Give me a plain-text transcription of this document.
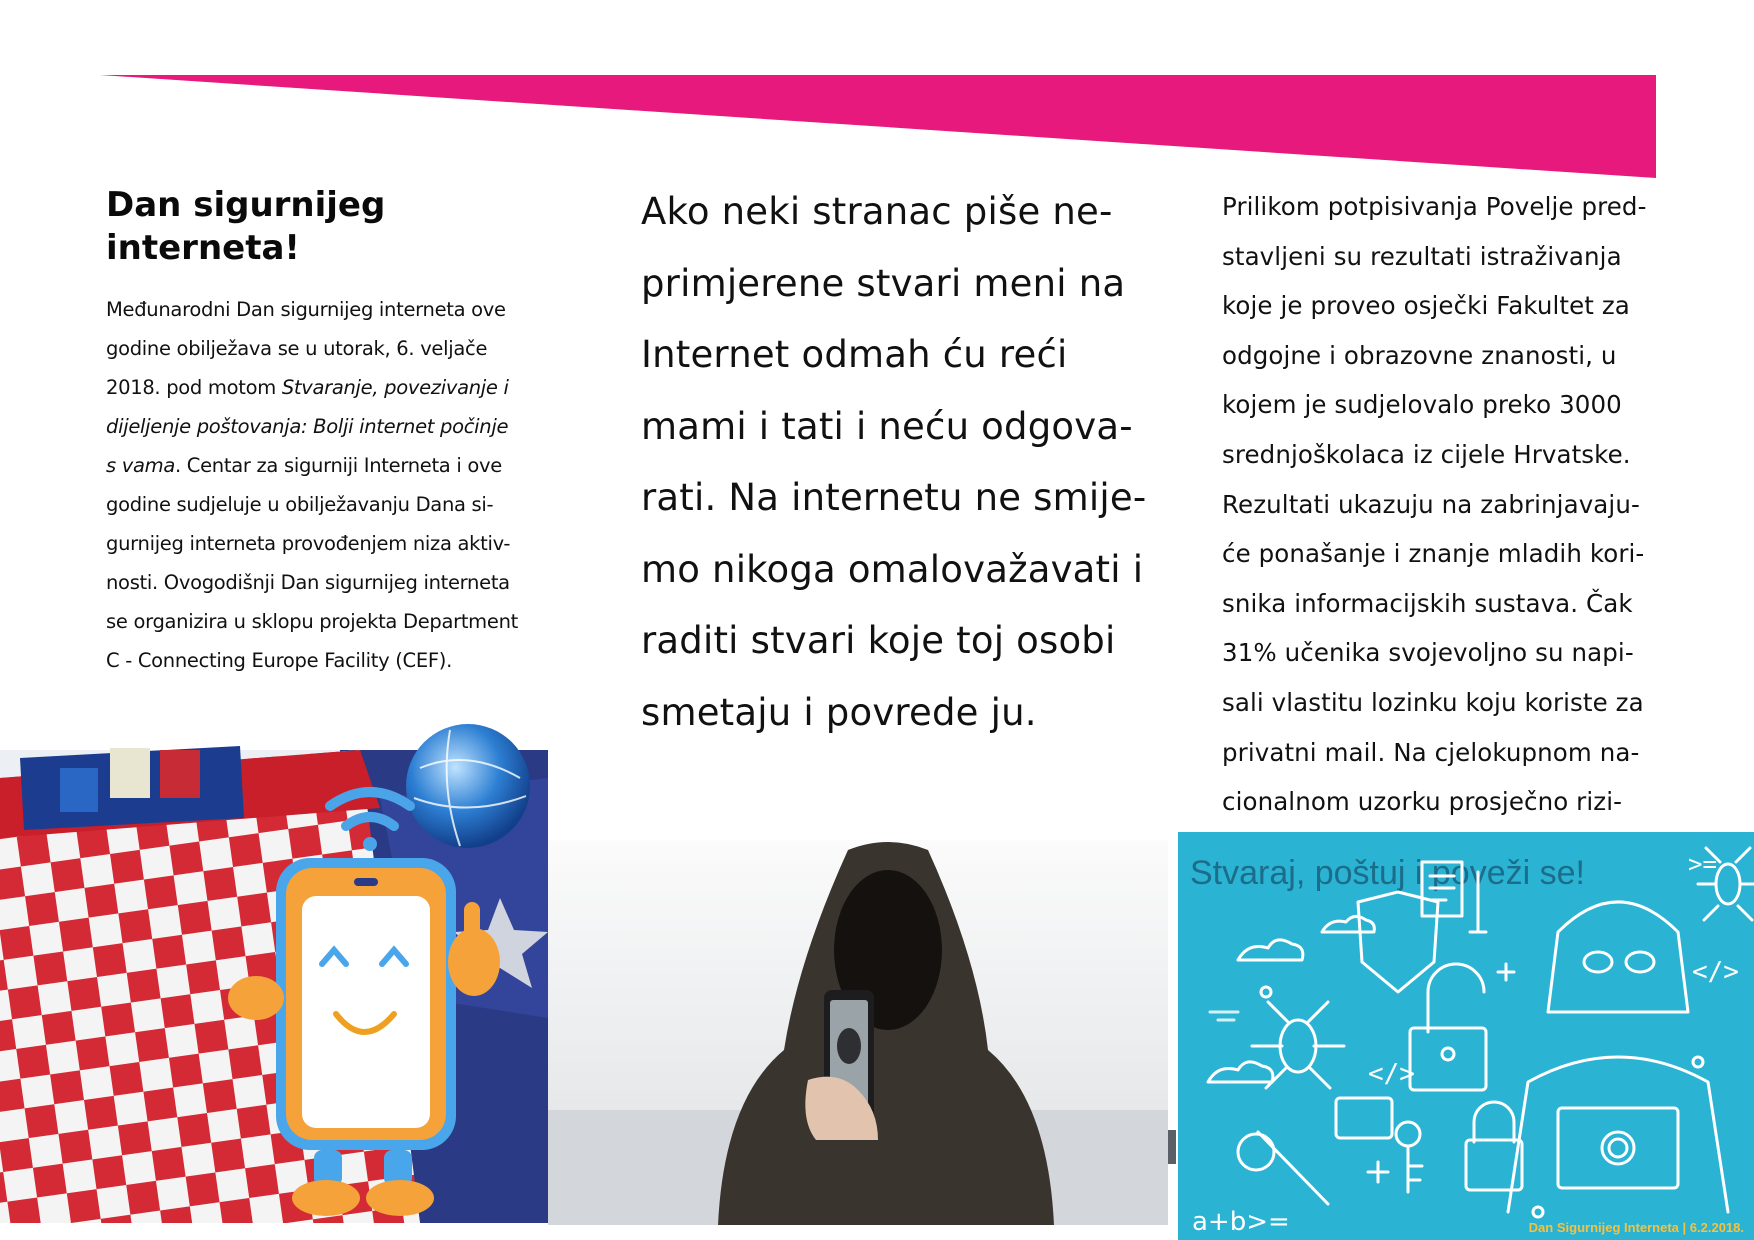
Dan sigurnijeg
interneta!

Međunarodni Dan sigurnijeg interneta ove
godine obilježava se u utorak, 6. veljače
2018. pod motom Stvaranje, povezivanje i
dijeljenje poštovanja: Bolji internet počinje
s vama. Centar za sigurniji Interneta i ove
godine sudjeluje u obilježavanju Dana si-
gurnijeg interneta provođenjem niza aktiv-
nosti. Ovogodišnji Dan sigurnijeg interneta
se organizira u sklopu projekta Department
C - Connecting Europe Facility (CEF).

Ako neki stranac piše ne-
primjerene stvari meni na
Internet odmah ću reći
mami i tati i neću odgova-
rati. Na internetu ne smije-
mo nikoga omalovažavati i
raditi stvari koje toj osobi
smetaju i povrede ju.
Prilikom potpisivanja Povelje pred-
stavljeni su rezultati istraživanja
koje je proveo osječki Fakultet za
odgojne i obrazovne znanosti, u
kojem je sudjelovalo preko 3000
srednjoškolaca iz cijele Hrvatske.
Rezultati ukazuju na zabrinjavaju-
će ponašanje i znanje mladih kori-
snika informacijskih sustava. Čak
31% učenika svojevoljno su napi-
sali vlastitu lozinku koju koriste za
privatni mail. Na cjelokupnom na-
cionalnom uzorku prosječno rizi-
Stvaraj, poštuj i poveži se!
</>
</>
>=
a+b>=	Dan Sigurnijeg Interneta | 6.2.2018.
